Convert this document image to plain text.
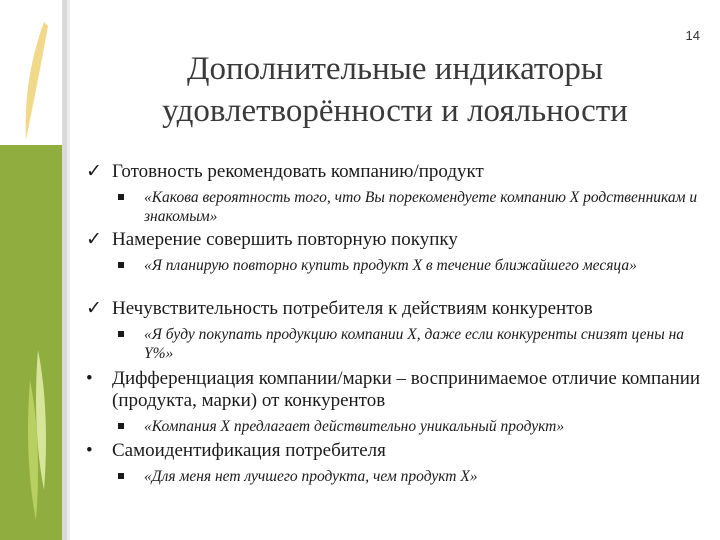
14
Дополнительные индикаторы
удовлетворённости и лояльности
✓ Готовность рекомендовать компанию/продукт
«Какова вероятность того, что Вы порекомендуете компанию Х родственникам и знакомым»
✓ Намерение совершить повторную покупку
«Я планирую повторно купить продукт Х в течение ближайшего месяца»
✓ Нечувствительность потребителя к действиям конкурентов
«Я буду покупать продукцию компании Х, даже если конкуренты снизят цены на Y%»
•	Дифференциация компании/марки – воспринимаемое отличие компании (продукта, марки) от конкурентов
«Компания Х предлагает действительно уникальный продукт»
•	Самоидентификация потребителя
«Для меня нет лучшего продукта, чем продукт Х»
